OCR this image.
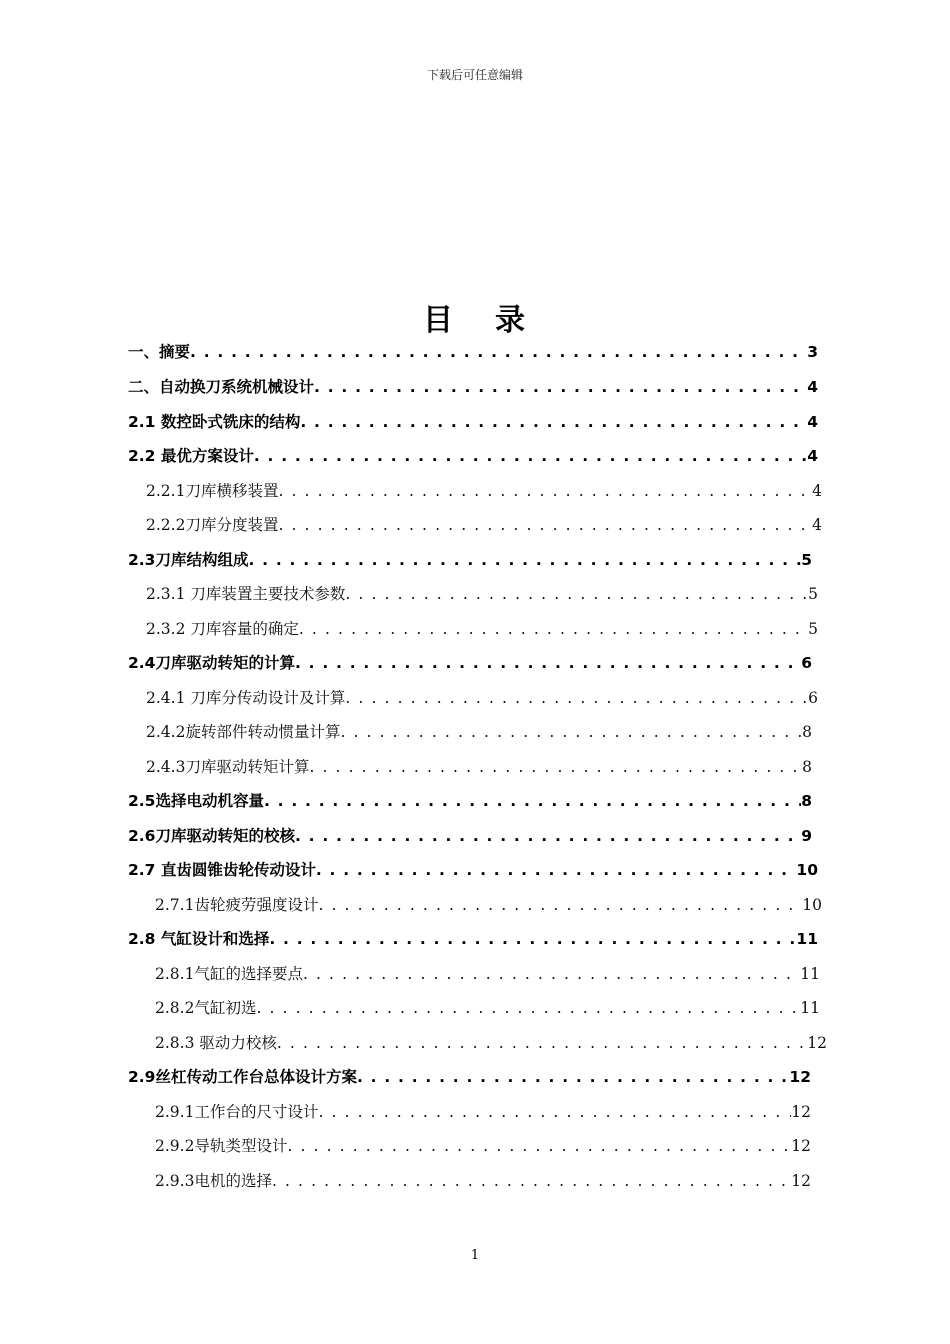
下载后可任意编辑
目 录
一、摘要 . . .	3
二、自动换刀系统机械设计 . . .	4
2.1 数控卧式铣床的结构 . . .	4
2.2 最优方案设计 . . .	4
2.2.1刀库横移装置 . . .	4
2.2.2刀库分度装置 . . .	4
2.3刀库结构组成 . . .	5
2.3.1 刀库装置主要技术参数 . . .	5
2.3.2 刀库容量的确定 . . .	5
2.4刀库驱动转矩的计算 . . .	6
2.4.1 刀库分传动设计及计算 . . .	6
2.4.2旋转部件转动惯量计算 . . .	8
2.4.3刀库驱动转矩计算 . . .	8
2.5选择电动机容量 . . .	8
2.6刀库驱动转矩的校核 . . .	9
2.7 直齿圆锥齿轮传动设计 . . .	10
2.7.1齿轮疲劳强度设计 . . .	10
2.8 气缸设计和选择 . . .	11
2.8.1气缸的选择要点 . . .	11
2.8.2气缸初选 . . .	11
2.8.3 驱动力校核 . . .	12
2.9丝杠传动工作台总体设计方案 . . .	12
2.9.1工作台的尺寸设计 . . .	12
2.9.2导轨类型设计 . . .	12
2.9.3电机的选择 . . .	12
1
